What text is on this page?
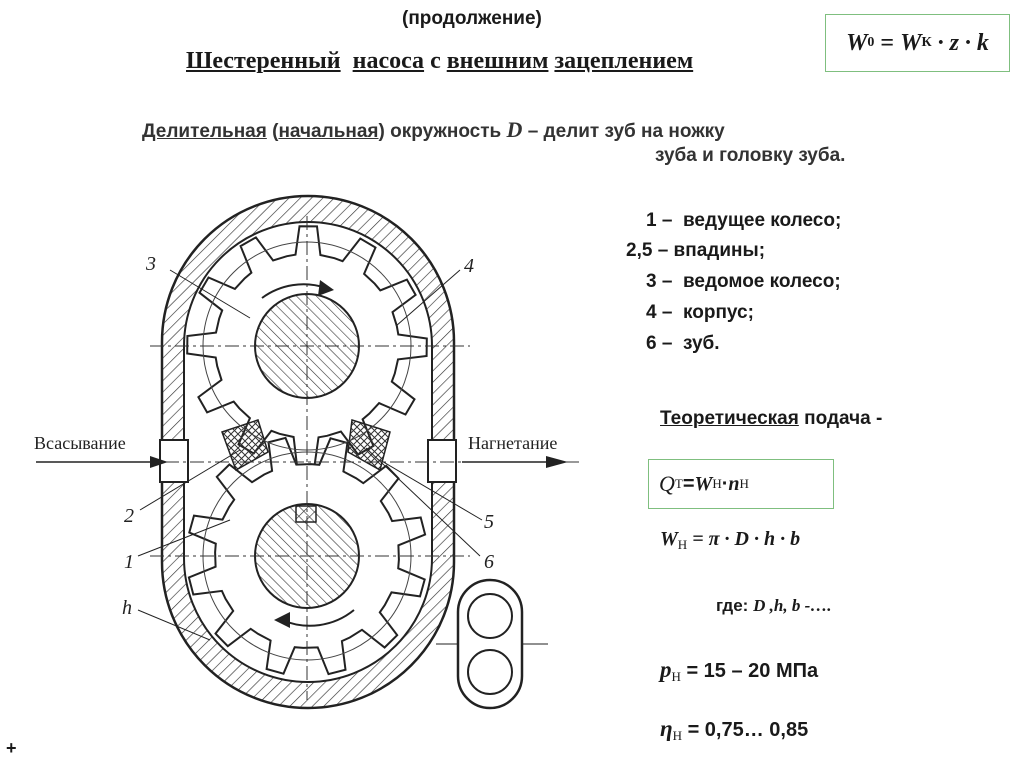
(продолжение)
Шестеренный насоса с внешним зацеплением
W 0
=
W К
· z · k
Делительная (начальная) окружность D – делит зуб на ножку
зуба и головку зуба.
1 – ведущее колесо;
2,5 – впадины;
3 – ведомое колесо;
4 – корпус;
6 – зуб.
Теоретическая подача -
Q Т = W Н · n Н
$W_Н = \pi \cdot D \cdot h \cdot b$
где: D ,h, b -….
$p_Н = 15 - 20$ МПа
$\eta_Н$ = 0,75… 0,85
+
Всасывание	Нагнетание
3	4
2
1
5
6
h
